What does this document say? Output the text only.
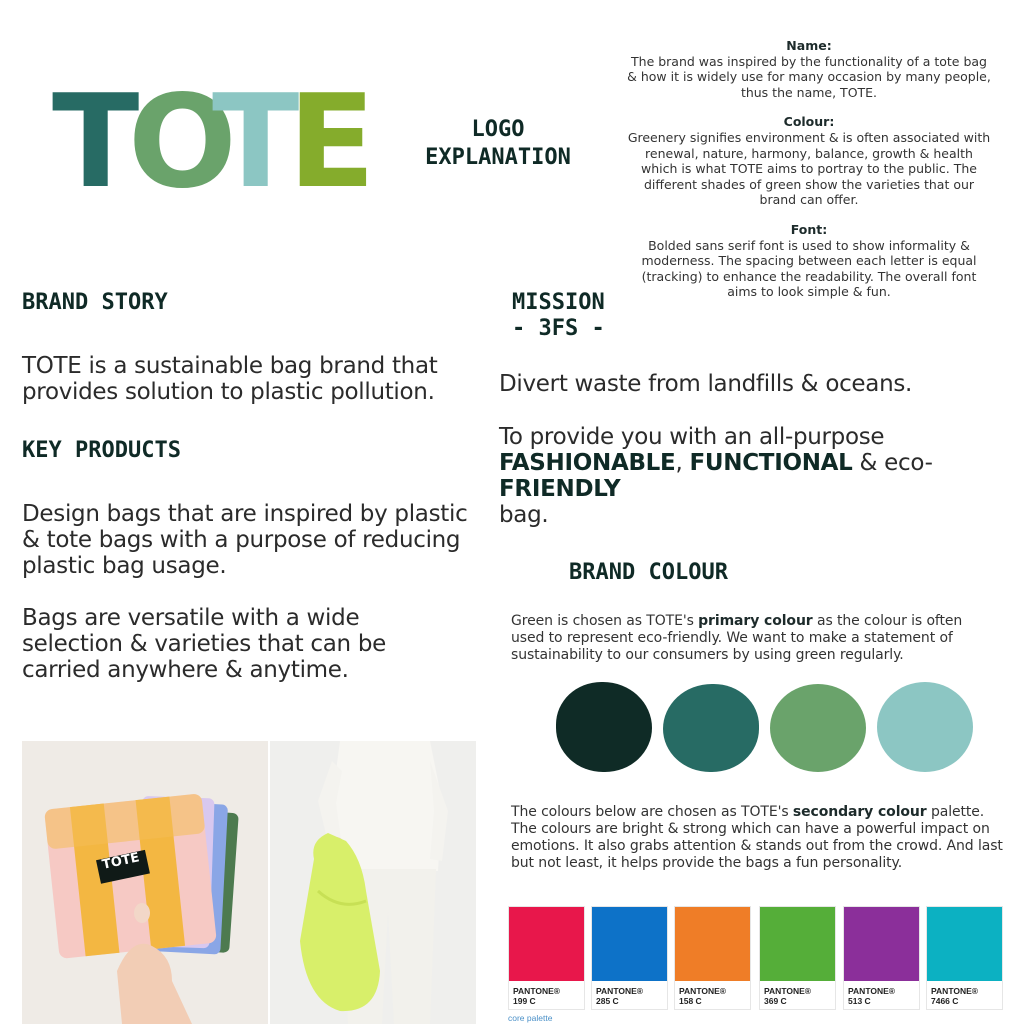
T
O
T
E	LOGO
EXPLANATION

Name:
The brand was inspired by the functionality of a tote bag & how it is widely use for many occasion by many people, thus the name, TOTE.

Colour:
Greenery signifies environment & is often associated with renewal, nature, harmony, balance, growth & health which is what TOTE aims to portray to the public. The different shades of green show the varieties that our brand can offer.

Font:
Bolded sans serif font is used to show informality & moderness. The spacing between each letter is equal (tracking) to enhance the readability. The overall font aims to look simple & fun.

BRAND STORY
TOTE is a sustainable bag brand that provides solution to plastic pollution.
KEY PRODUCTS
Design bags that are inspired by plastic & tote bags with a purpose of reducing plastic bag usage.
Bags are versatile with a wide selection & varieties that can be carried anywhere & anytime.
MISSION
- 3FS -
Divert waste from landfills & oceans.
To provide you with an all-purpose
FASHIONABLE, FUNCTIONAL & eco-FRIENDLY
bag.
BRAND COLOUR
Green is chosen as TOTE's primary colour as the colour is often used to represent eco-friendly. We want to make a statement of sustainability to our consumers by using green regularly.
The colours below are chosen as TOTE's secondary colour palette. The colours are bright & strong which can have a powerful impact on emotions. It also grabs attention & stands out from the crowd. And last but not least, it helps provide the bags a fun personality.
PANTONE®
199 C
PANTONE®
285 C
PANTONE®
158 C
PANTONE®
369 C
PANTONE®
513 C
PANTONE®
7466 C
core palette
TOTE
